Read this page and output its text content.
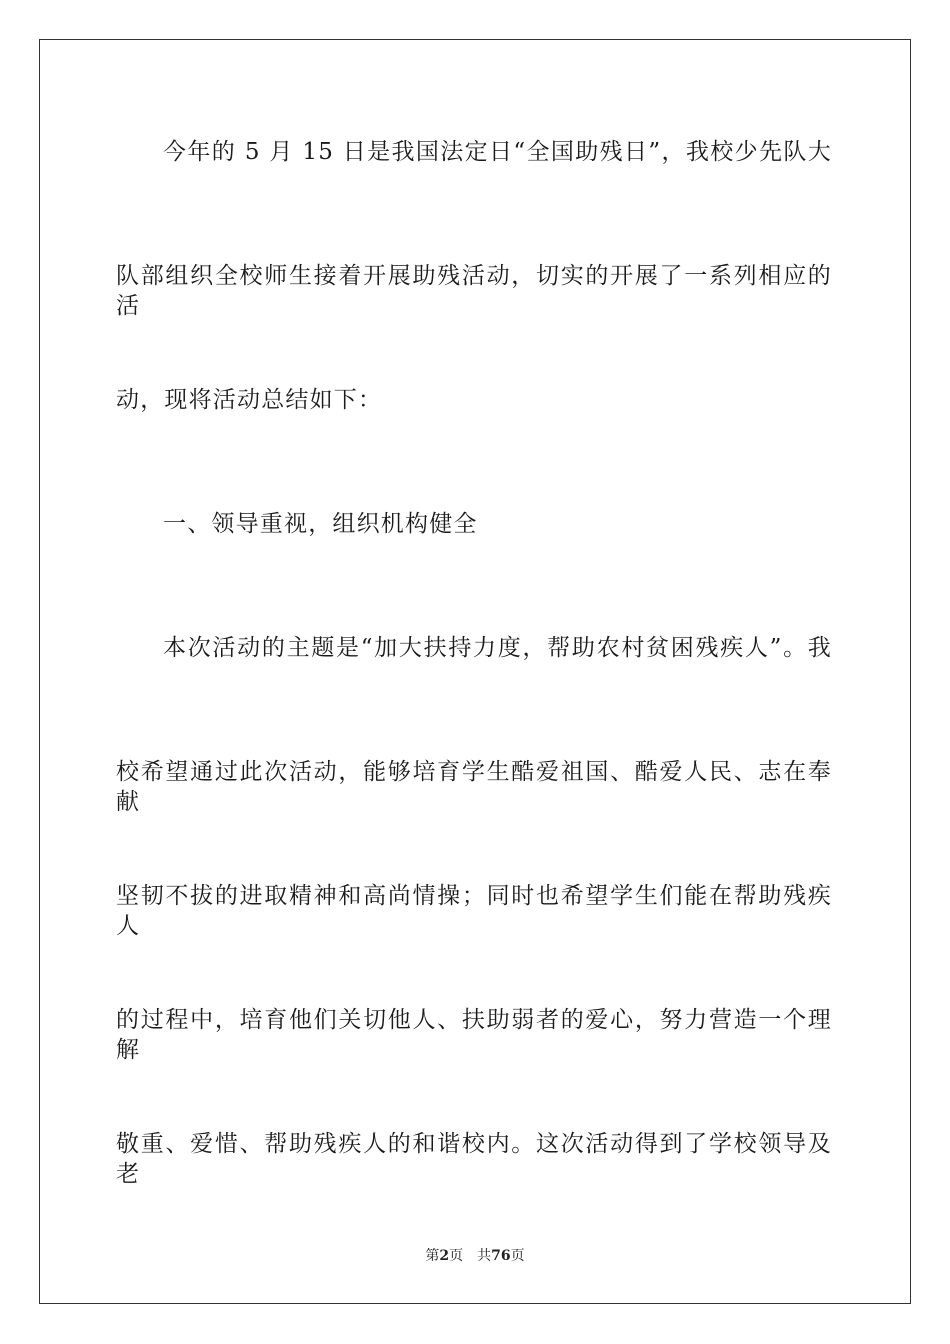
今年的 5 月 15 日是我国法定日“全国助残日”，我校少先队大
队部组织全校师生接着开展助残活动，切实的开展了一系列相应的活
动，现将活动总结如下：
一、领导重视，组织机构健全
本次活动的主题是“加大扶持力度，帮助农村贫困残疾人”。我
校希望通过此次活动，能够培育学生酷爱祖国、酷爱人民、志在奉献
坚韧不拔的进取精神和高尚情操；同时也希望学生们能在帮助残疾人
的过程中，培育他们关切他人、扶助弱者的爱心，努力营造一个理解
敬重、爱惜、帮助残疾人的和谐校内。这次活动得到了学校领导及老
第2页 共76页
